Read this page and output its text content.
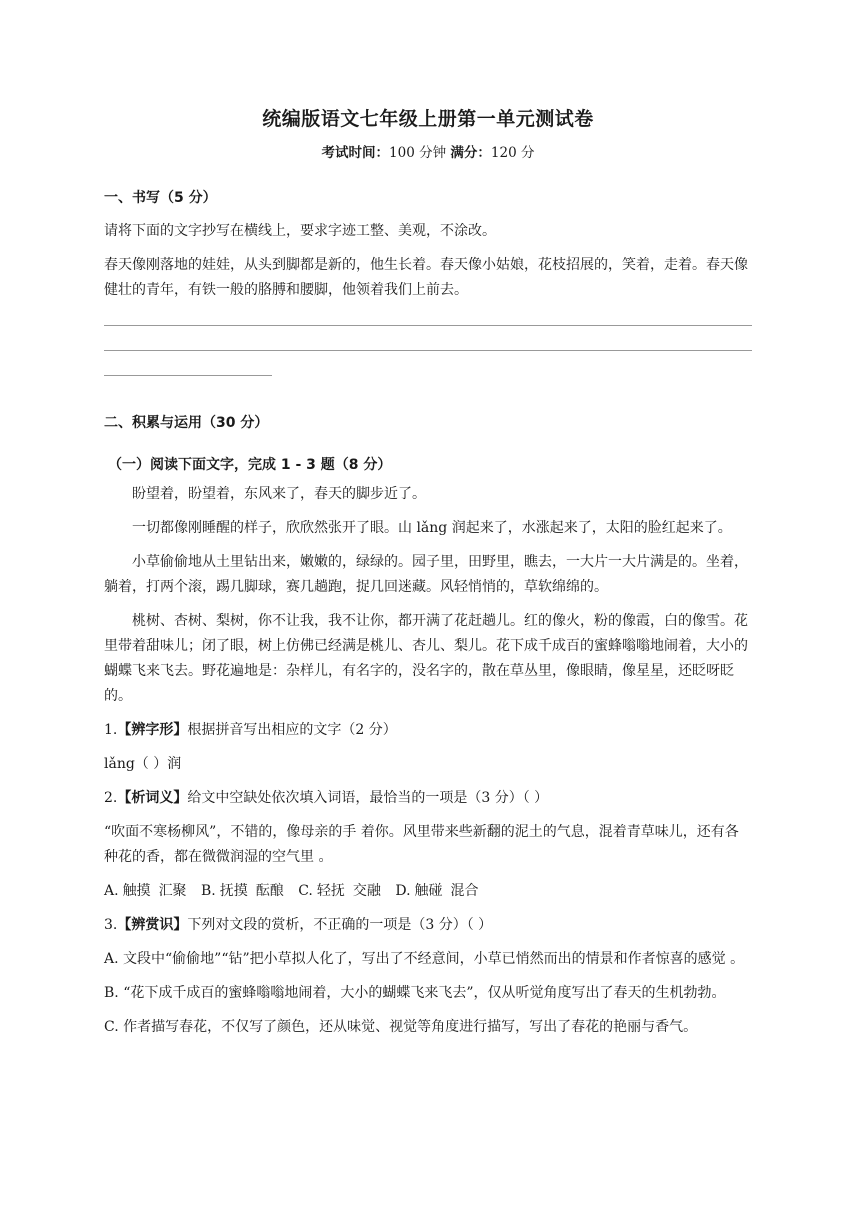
统编版语文七年级上册第一单元测试卷
考试时间：100 分钟 满分：120 分
一、书写（5 分）

请将下面的文字抄写在横线上，要求字迹工整、美观，不涂改。

春天像刚落地的娃娃，从头到脚都是新的，他生长着。春天像小姑娘，花枝招展的，笑着，走着。春天像健壮的青年，有铁一般的胳膊和腰脚，他领着我们上前去。

二、积累与运用（30 分）
（一）阅读下面文字，完成 1 - 3 题（8 分）

盼望着，盼望着，东风来了，春天的脚步近了。

一切都像刚睡醒的样子，欣欣然张开了眼。山 lǎng 润起来了，水涨起来了，太阳的脸红起来了。

小草偷偷地从土里钻出来，嫩嫩的，绿绿的。园子里，田野里，瞧去，一大片一大片满是的。坐着，躺着，打两个滚，踢几脚球，赛几趟跑，捉几回迷藏。风轻悄悄的，草软绵绵的。

桃树、杏树、梨树，你不让我，我不让你，都开满了花赶趟儿。红的像火，粉的像霞，白的像雪。花里带着甜味儿；闭了眼，树上仿佛已经满是桃儿、杏儿、梨儿。花下成千成百的蜜蜂嗡嗡地闹着，大小的蝴蝶飞来飞去。野花遍地是：杂样儿，有名字的，没名字的，散在草丛里，像眼睛，像星星，还眨呀眨的。

1.【辨字形】根据拼音写出相应的文字（2 分）

lǎng（ ）润

2.【析词义】给文中空缺处依次填入词语，最恰当的一项是（3 分）（ ）

“吹面不寒杨柳风”，不错的，像母亲的手 着你。风里带来些新翻的泥土的气息，混着青草味儿，还有各种花的香，都在微微润湿的空气里 。

A. 触摸 汇聚 B. 抚摸 酝酿 C. 轻抚 交融 D. 触碰 混合

3.【辨赏识】下列对文段的赏析，不正确的一项是（3 分）（ ）

A. 文段中“偷偷地”“钻”把小草拟人化了，写出了不经意间，小草已悄然而出的情景和作者惊喜的感觉 。

B. “花下成千成百的蜜蜂嗡嗡地闹着，大小的蝴蝶飞来飞去”，仅从听觉角度写出了春天的生机勃勃。

C. 作者描写春花，不仅写了颜色，还从味觉、视觉等角度进行描写，写出了春花的艳丽与香气。
